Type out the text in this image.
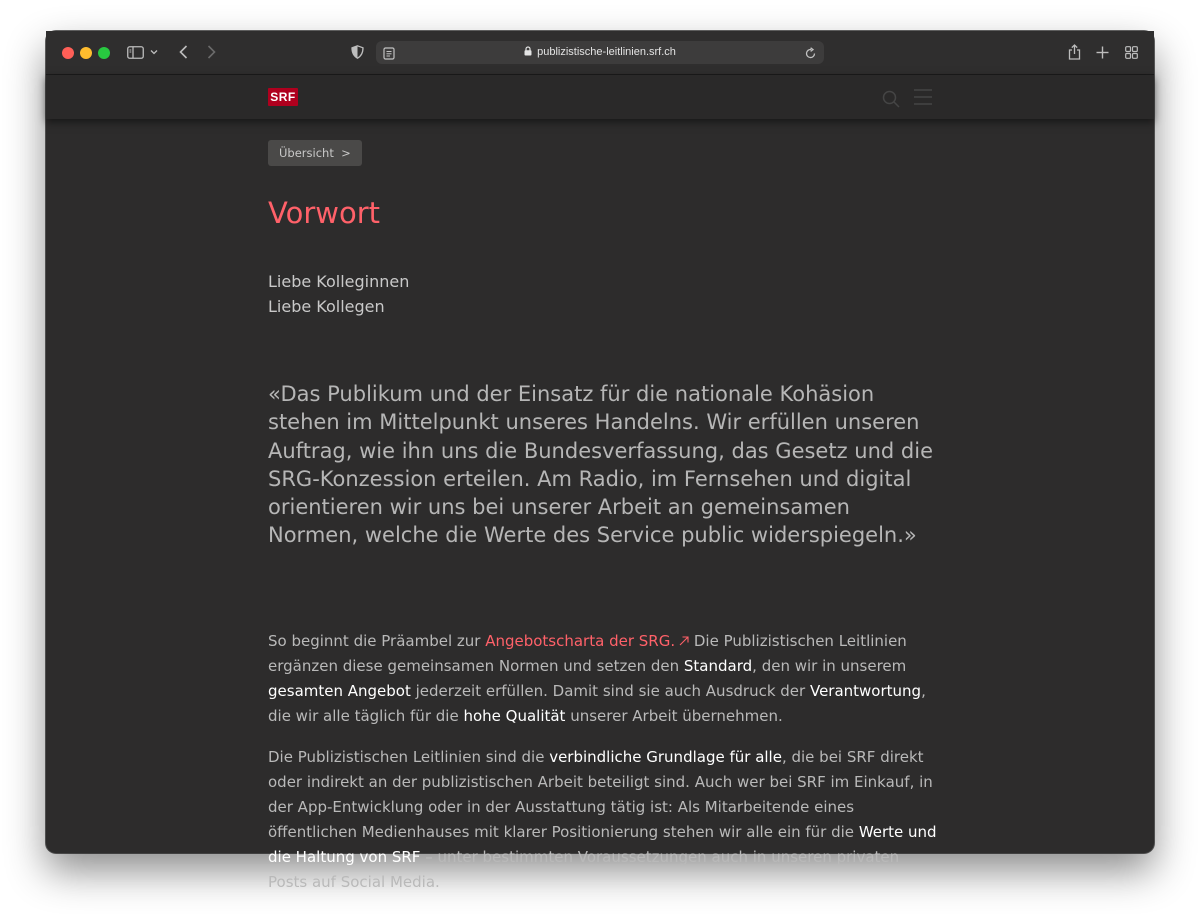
publizistische-leitlinien.srf.ch
SRF
Übersicht >
Vorwort
Liebe Kolleginnen
Liebe Kollegen

«Das Publikum und der Einsatz für die nationale Kohäsion stehen im Mittelpunkt unseres Handelns. Wir erfüllen unseren Auftrag, wie ihn uns die Bundesverfassung, das Gesetz und die SRG-Konzession erteilen. Am Radio, im Fernsehen und digital orientieren wir uns bei unserer Arbeit an gemeinsamen Normen, welche die Werte des Service public widerspiegeln.»

So beginnt die Präambel zur Angebotscharta der SRG. Die Publizistischen Leitlinien ergänzen diese gemeinsamen Normen und setzen den Standard, den wir in unserem gesamten Angebot jederzeit erfüllen. Damit sind sie auch Ausdruck der Verantwortung, die wir alle täglich für die hohe Qualität unserer Arbeit übernehmen.

Die Publizistischen Leitlinien sind die verbindliche Grundlage für alle, die bei SRF direkt oder indirekt an der publizistischen Arbeit beteiligt sind. Auch wer bei SRF im Einkauf, in der App-Entwicklung oder in der Ausstattung tätig ist: Als Mitarbeitende eines öffentlichen Medienhauses mit klarer Positionierung stehen wir alle ein für die Werte und die Haltung von SRF – unter bestimmten Voraussetzungen auch in unseren privaten Posts auf Social Media.
